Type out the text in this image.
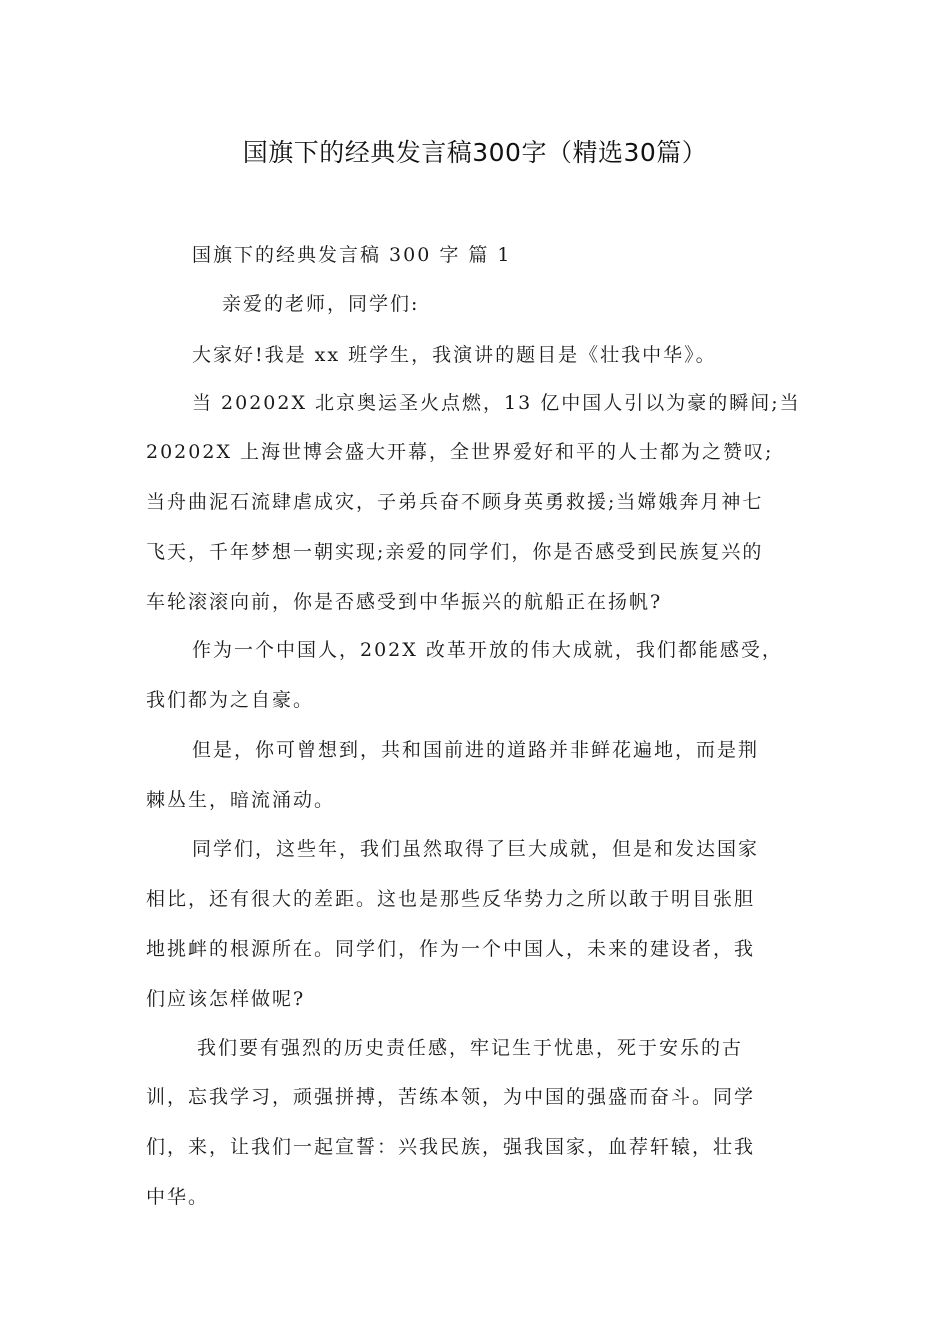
国旗下的经典发言稿300字（精选30篇）
国旗下的经典发言稿 300 字 篇 1
亲爱的老师，同学们:
大家好!我是 xx 班学生，我演讲的题目是《壮我中华》。
当 20202X 北京奥运圣火点燃，13 亿中国人引以为豪的瞬间;当
20202X 上海世博会盛大开幕，全世界爱好和平的人士都为之赞叹;
当舟曲泥石流肆虐成灾，子弟兵奋不顾身英勇救援;当嫦娥奔月神七
飞天，千年梦想一朝实现;亲爱的同学们，你是否感受到民族复兴的
车轮滚滚向前，你是否感受到中华振兴的航船正在扬帆?
作为一个中国人，202X 改革开放的伟大成就，我们都能感受，
我们都为之自豪。
但是，你可曾想到，共和国前进的道路并非鲜花遍地，而是荆
棘丛生，暗流涌动。
同学们，这些年，我们虽然取得了巨大成就，但是和发达国家
相比，还有很大的差距。这也是那些反华势力之所以敢于明目张胆
地挑衅的根源所在。同学们，作为一个中国人，未来的建设者，我
们应该怎样做呢?
我们要有强烈的历史责任感，牢记生于忧患，死于安乐的古
训，忘我学习，顽强拼搏，苦练本领，为中国的强盛而奋斗。同学
们，来，让我们一起宣誓：兴我民族，强我国家，血荐轩辕，壮我
中华。
